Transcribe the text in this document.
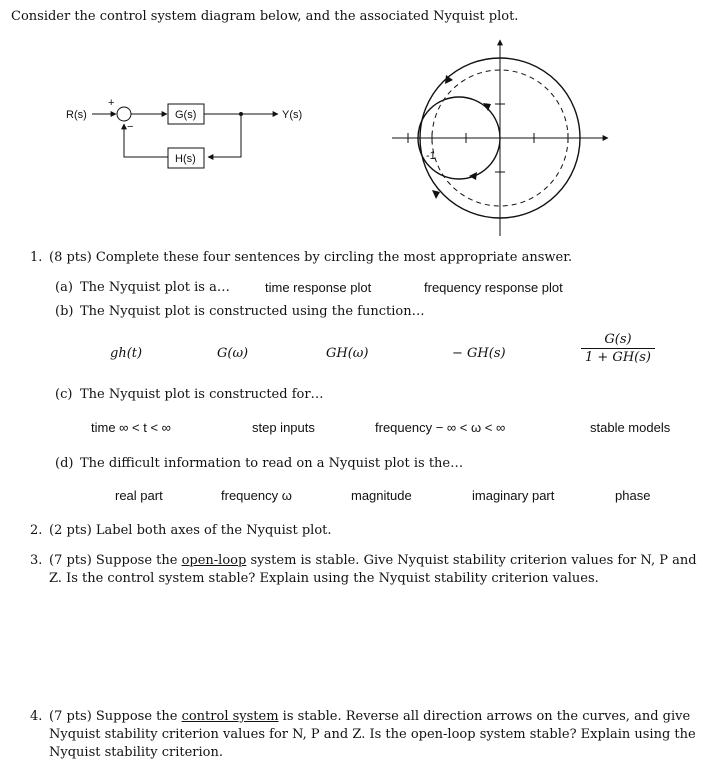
Consider the control system diagram below, and the associated Nyquist plot.
R(s)
+
−
G(s)	Y(s)
H(s)	-1
1. (8 pts) Complete these four sentences by circling the most appropriate answer.
(a) The Nyquist plot is a…	time response plot	frequency response plot
(b) The Nyquist plot is constructed using the function…
gh(t)	G(ω)	GH(ω)	− GH(s)	$\frac{G(s)}{1 + GH(s)}$
(c) The Nyquist plot is constructed for…
time ∞ < t < ∞	step inputs	frequency − ∞ < ω < ∞	stable models
(d) The difficult information to read on a Nyquist plot is the…
real part	frequency ω	magnitude	imaginary part	phase
2. (2 pts) Label both axes of the Nyquist plot.
3. (7 pts) Suppose the open-loop system is stable. Give Nyquist stability criterion values for N, P and
Z. Is the control system stable? Explain using the Nyquist stability criterion values.
4. (7 pts) Suppose the control system is stable. Reverse all direction arrows on the curves, and give
Nyquist stability criterion values for N, P and Z. Is the open-loop system stable? Explain using the
Nyquist stability criterion.
